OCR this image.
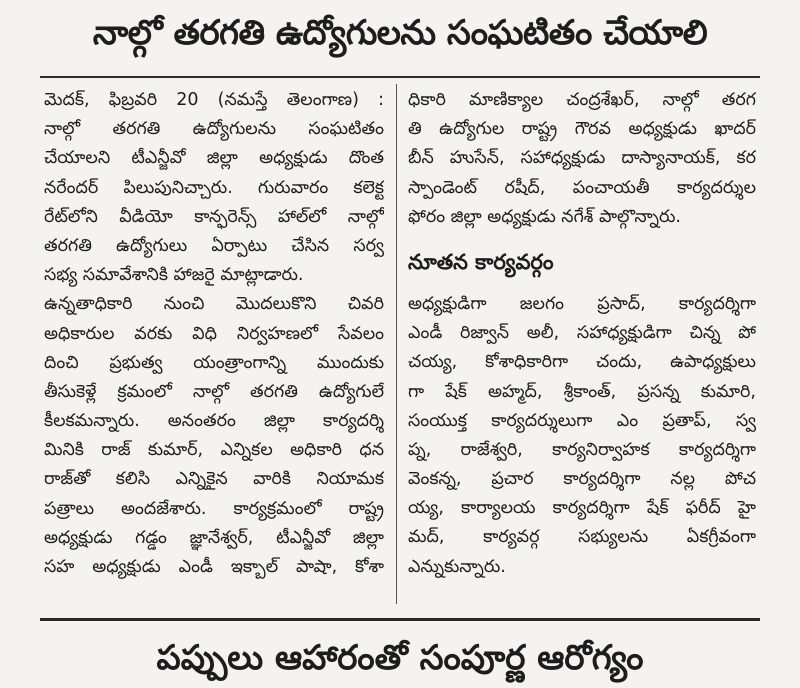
నాల్గో తరగతి ఉద్యోగులను సంఘటితం చేయాలి

మెదక్, ఫిబ్రవరి 20 (నమస్తే తెలంగాణ) :
నాల్గో తరగతి ఉద్యోగులను సంఘటితం
చేయాలని టీఎన్జీవో జిల్లా అధ్యక్షుడు దొంత
నరేందర్ పిలుపునిచ్చారు. గురువారం కలెక్ట
రేట్‌లోని వీడియో కాన్ఫరెన్స్ హాల్‌లో నాల్గో
తరగతి ఉద్యోగులు ఏర్పాటు చేసిన సర్వ
సభ్య సమావేశానికి హాజరై మాట్లాడారు.
ఉన్నతాధికారి నుంచి మొదలుకొని చివరి
అధికారుల వరకు విధి నిర్వహణలో సేవలం
దించి ప్రభుత్వ యంత్రాంగాన్ని ముందుకు
తీసుకెళ్లే క్రమంలో నాల్గో తరగతి ఉద్యోగులే
కీలకమన్నారు. అనంతరం జిల్లా కార్యదర్శి
మినికి రాజ్ కుమార్, ఎన్నికల అధికారి ధన
రాజ్‌తో కలిసి ఎన్నికైన వారికి నియామక
పత్రాలు అందజేశారు. కార్యక్రమంలో రాష్ట్ర
అధ్యక్షుడు గడ్డం జ్ఞానేశ్వర్, టీఎన్జీవో జిల్లా
సహ అధ్యక్షుడు ఎండీ ఇక్బాల్ పాషా, కోశా

ధికారి మాణిక్యాల చంద్రశేఖర్, నాల్గో తరగ
తి ఉద్యోగుల రాష్ట్ర గౌరవ అధ్యక్షుడు ఖాదర్
బీన్ హుసేన్, సహాధ్యక్షుడు దాస్యానాయక్, కర
స్పాండెంట్ రషీద్, పంచాయతీ కార్యదర్శుల
ఫోరం జిల్లా అధ్యక్షుడు నగేశ్ పాల్గొన్నారు.

నూతన కార్యవర్గం

అధ్యక్షుడిగా జలగం ప్రసాద్, కార్యదర్శిగా
ఎండీ రిజ్వాన్ అలీ, సహాధ్యక్షుడిగా చిన్న పో
చయ్య, కోశాధికారిగా చందు, ఉపాధ్యక్షులు
గా షేక్ అహ్మద్, శ్రీకాంత్, ప్రసన్న కుమారి,
సంయుక్త కార్యదర్శులుగా ఎం ప్రతాప్, స్వ
ప్న, రాజేశ్వరి, కార్యనిర్వాహక కార్యదర్శిగా
వెంకన్న, ప్రచార కార్యదర్శిగా నల్ల పోచ
య్య, కార్యాలయ కార్యదర్శిగా షేక్ ఫరీద్ హై
మద్, కార్యవర్గ సభ్యులను ఏకగ్రీవంగా
ఎన్నుకున్నారు.

పప్పులు ఆహారంతో సంపూర్ణ ఆరోగ్యం
